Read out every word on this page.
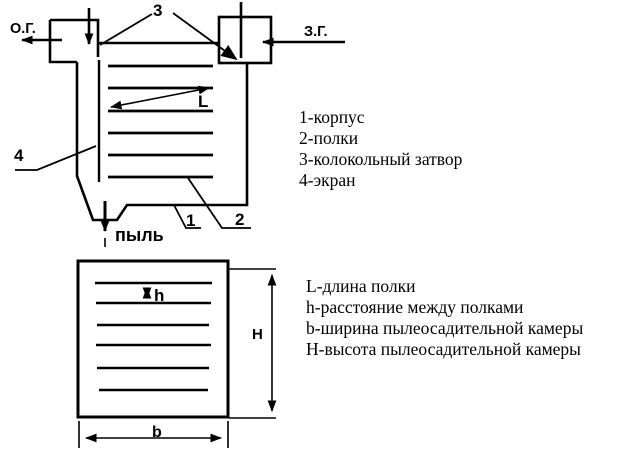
О.Г.	З.Г.
3
4
1 2
L
пыль
h
H
b
1-корпус
2-полки
3-колокольный затвор
4-экран
L-длина полки
h-расстояние между полками
b-ширина пылеосадительной камеры
Н-высота пылеосадительной камеры
